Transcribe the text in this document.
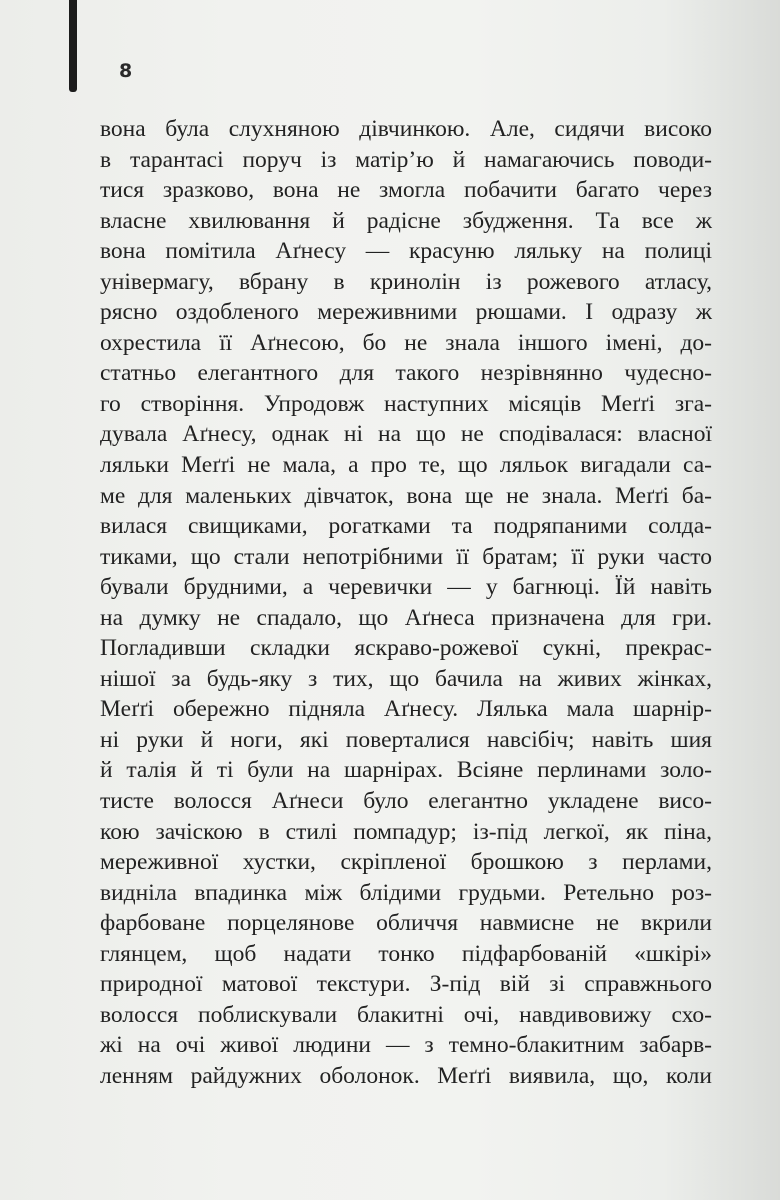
8
вона була слухняною дівчинкою. Але, сидячи високо
в тарантасі поруч із матір’ю й намагаючись поводи-
тися зразково, вона не змогла побачити багато через
власне хвилювання й радісне збудження. Та все ж
вона помітила Аґнесу — красуню ляльку на полиці
універмагу, вбрану в кринолін із рожевого атласу,
рясно оздобленого мереживними рюшами. І одразу ж
охрестила її Аґнесою, бо не знала іншого імені, до-
статньо елегантного для такого незрівнянно чудесно-
го створіння. Упродовж наступних місяців Меґґі зга-
дувала Аґнесу, однак ні на що не сподівалася: власної
ляльки Меґґі не мала, а про те, що ляльок вигадали са-
ме для маленьких дівчаток, вона ще не знала. Меґґі ба-
вилася свищиками, рогатками та подряпаними солда-
тиками, що стали непотрібними її братам; її руки часто
бували брудними, а черевички — у багнюці. Їй навіть
на думку не спадало, що Аґнеса призначена для гри.
Погладивши складки яскраво-рожевої сукні, прекрас-
нішої за будь-яку з тих, що бачила на живих жінках,
Меґґі обережно підняла Аґнесу. Лялька мала шарнір-
ні руки й ноги, які поверталися навсібіч; навіть шия
й талія й ті були на шарнірах. Всіяне перлинами золо-
тисте волосся Аґнеси було елегантно укладене висо-
кою зачіскою в стилі помпадур; із-під легкої, як піна,
мереживної хустки, скріпленої брошкою з перлами,
виднілa впадинка між блідими грудьми. Ретельно роз-
фарбоване порцелянове обличчя навмисне не вкрили
глянцем, щоб надати тонко підфарбованій «шкірі»
природної матової текстури. З-під вій зі справжнього
волосся поблискували блакитні очі, навдивовижу схо-
жі на очі живої людини — з темно-блакитним забарв-
ленням райдужних оболонок. Меґґі виявила, що, коли
